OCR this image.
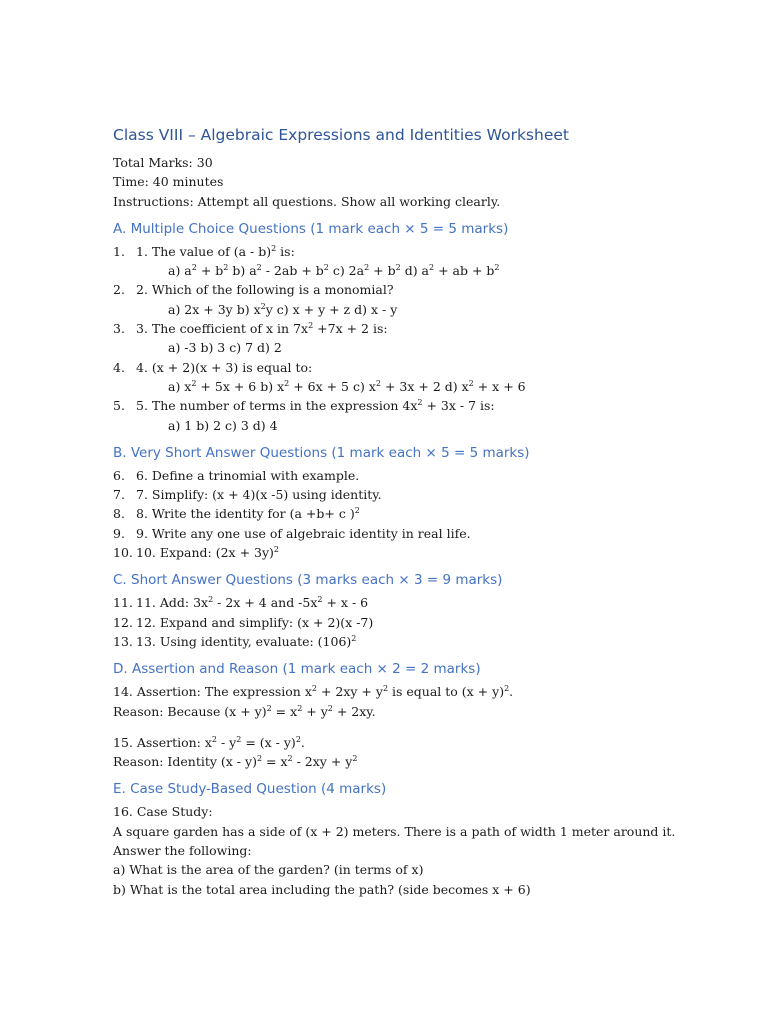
Class VIII – Algebraic Expressions and Identities Worksheet
Total Marks: 30
Time: 40 minutes
Instructions: Attempt all questions. Show all working clearly.
A. Multiple Choice Questions (1 mark each × 5 = 5 marks)
1. 1. The value of (a - b)$^2$ is:
a) $a^2 + b^2$ b) $a^2 - 2ab + b^2$ c) $2a^2 + b^2$ d) $a^2$ + ab + $b^2$
2. 2. Which of the following is a monomial?
a) 2x + 3y b) $x^2y$ c) x + y + z d) x - y
3. 3. The coefficient of x in $7x^2 +7x + 2$ is:
a) -3 b) 3 c) 7 d) 2
4. 4. (x + 2)(x + 3) is equal to:
a) $x^2 + 5x + 6$ b) $x^2 + 6x + 5$ c) $x^2 + 3x + 2$ d) $x^2 + x + 6$
5. 5. The number of terms in the expression $4x^2 + 3x - 7$ is:
a) 1 b) 2 c) 3 d) 4
B. Very Short Answer Questions (1 mark each × 5 = 5 marks)
6. 6. Define a trinomial with example.
7. 7. Simplify: (x + 4)(x -5) using identity.
8. 8. Write the identity for (a +b+ c )$^2$
9. 9. Write any one use of algebraic identity in real life.
10. 10. Expand: $(2x + 3y)^2$
C. Short Answer Questions (3 marks each × 3 = 9 marks)
11. 11. Add: $3x^2 - 2x + 4$ and $-5x^2 + x - 6$
12. 12. Expand and simplify: (x + 2)(x -7)
13. 13. Using identity, evaluate: $(106)^2$
D. Assertion and Reason (1 mark each × 2 = 2 marks)
14. Assertion: The expression $x^2 + 2xy + y^2$ is equal to $(x + y)^2$.
Reason: Because $(x + y)^2 = x^2 + y^2 + 2xy$.
15. Assertion: $x^2 - y^2 = (x - y)^2$.
Reason: Identity $(x - y)^2 = x^2 - 2xy + y^2$
E. Case Study-Based Question (4 marks)
16. Case Study:
A square garden has a side of (x + 2) meters. There is a path of width 1 meter around it.
Answer the following:
a) What is the area of the garden? (in terms of x)
b) What is the total area including the path? (side becomes x + 6)
